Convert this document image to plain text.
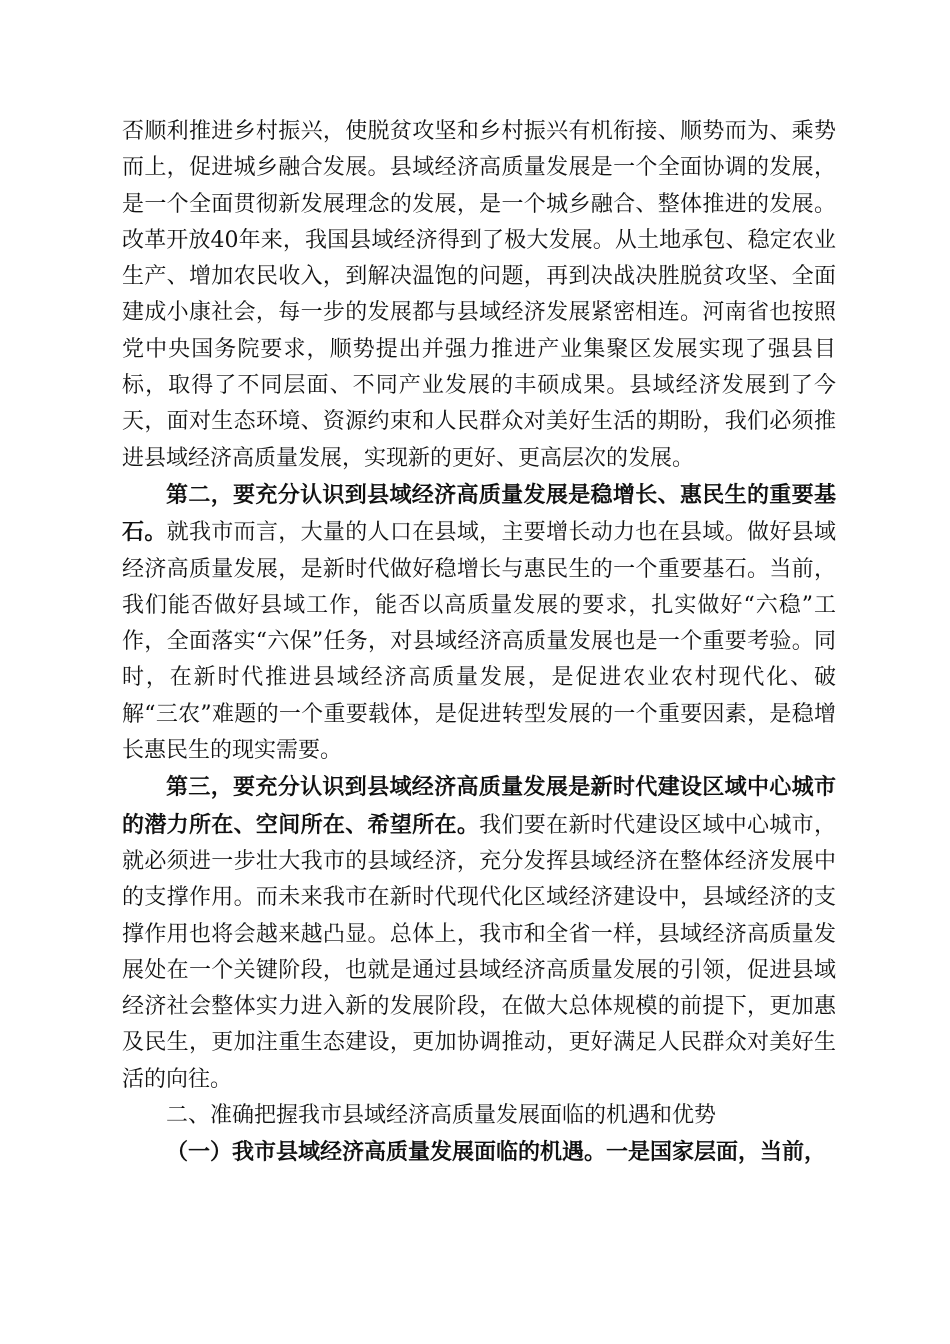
否顺利推进乡村振兴，使脱贫攻坚和乡村振兴有机衔接、顺势而为、乘势而上，促进城乡融合发展。县域经济高质量发展是一个全面协调的发展，是一个全面贯彻新发展理念的发展，是一个城乡融合、整体推进的发展。改革开放40年来，我国县域经济得到了极大发展。从土地承包、稳定农业生产、增加农民收入，到解决温饱的问题，再到决战决胜脱贫攻坚、全面建成小康社会，每一步的发展都与县域经济发展紧密相连。河南省也按照党中央国务院要求，顺势提出并强力推进产业集聚区发展实现了强县目标，取得了不同层面、不同产业发展的丰硕成果。县域经济发展到了今天，面对生态环境、资源约束和人民群众对美好生活的期盼，我们必须推进县域经济高质量发展，实现新的更好、更高层次的发展。

第二，要充分认识到县域经济高质量发展是稳增长、惠民生的重要基石。就我市而言，大量的人口在县域，主要增长动力也在县域。做好县域经济高质量发展，是新时代做好稳增长与惠民生的一个重要基石。当前，我们能否做好县域工作，能否以高质量发展的要求，扎实做好“六稳”工作，全面落实“六保”任务，对县域经济高质量发展也是一个重要考验。同时，在新时代推进县域经济高质量发展，是促进农业农村现代化、破解“三农”难题的一个重要载体，是促进转型发展的一个重要因素，是稳增长惠民生的现实需要。

第三，要充分认识到县域经济高质量发展是新时代建设区域中心城市的潜力所在、空间所在、希望所在。我们要在新时代建设区域中心城市，就必须进一步壮大我市的县域经济，充分发挥县域经济在整体经济发展中的支撑作用。而未来我市在新时代现代化区域经济建设中，县域经济的支撑作用也将会越来越凸显。总体上，我市和全省一样，县域经济高质量发展处在一个关键阶段，也就是通过县域经济高质量发展的引领，促进县域经济社会整体实力进入新的发展阶段，在做大总体规模的前提下，更加惠及民生，更加注重生态建设，更加协调推动，更好满足人民群众对美好生活的向往。

二、准确把握我市县域经济高质量发展面临的机遇和优势

（一）我市县域经济高质量发展面临的机遇。一是国家层面，当前，
